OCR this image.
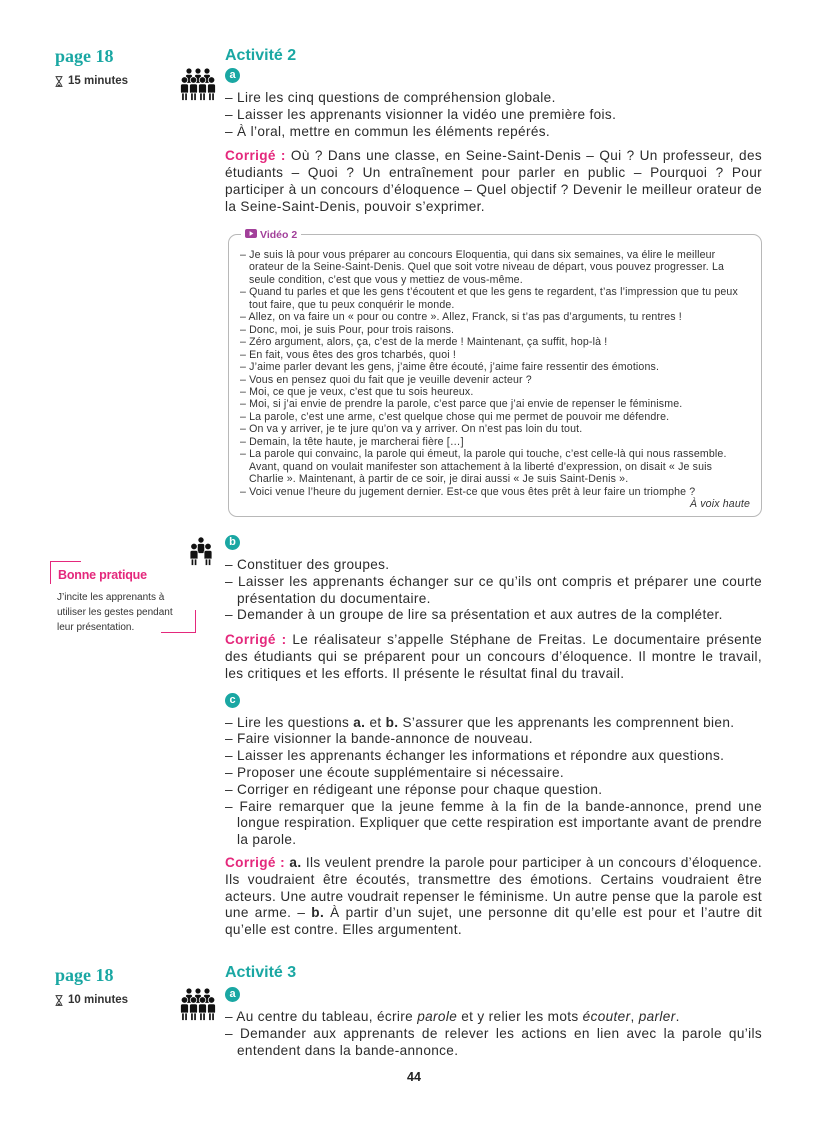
page 18
15 minutes
Activité 2
a
– Lire les cinq questions de compréhension globale.
– Laisser les apprenants visionner la vidéo une première fois.
– À l’oral, mettre en commun les éléments repérés.

Corrigé : Où ? Dans une classe, en Seine-Saint-Denis – Qui ? Un professeur, des étudiants – Quoi ? Un entraînement pour parler en public – Pourquoi ? Pour participer à un concours d’éloquence – Quel objectif ? Devenir le meilleur orateur de la Seine-Saint-Denis, pouvoir s’exprimer.

Vidéo 2
– Je suis là pour vous préparer au concours Eloquentia, qui dans six semaines, va élire le meilleur orateur de la Seine-Saint-Denis. Quel que soit votre niveau de départ, vous pouvez progresser. La seule condition, c’est que vous y mettiez de vous-même.
– Quand tu parles et que les gens t’écoutent et que les gens te regardent, t’as l’impression que tu peux tout faire, que tu peux conquérir le monde.
– Allez, on va faire un « pour ou contre ». Allez, Franck, si t’as pas d’arguments, tu rentres !
– Donc, moi, je suis Pour, pour trois raisons.
– Zéro argument, alors, ça, c’est de la merde ! Maintenant, ça suffit, hop-là !
– En fait, vous êtes des gros tcharbés, quoi !
– J’aime parler devant les gens, j’aime être écouté, j’aime faire ressentir des émotions.
– Vous en pensez quoi du fait que je veuille devenir acteur ?
– Moi, ce que je veux, c’est que tu sois heureux.
– Moi, si j’ai envie de prendre la parole, c’est parce que j’ai envie de repenser le féminisme.
– La parole, c’est une arme, c’est quelque chose qui me permet de pouvoir me défendre.
– On va y arriver, je te jure qu’on va y arriver. On n’est pas loin du tout.
– Demain, la tête haute, je marcherai fière […]
– La parole qui convainc, la parole qui émeut, la parole qui touche, c’est celle-là qui nous rassemble. Avant, quand on voulait manifester son attachement à la liberté d’expression, on disait « Je suis Charlie ». Maintenant, à partir de ce soir, je dirai aussi « Je suis Saint-Denis ».
– Voici venue l’heure du jugement dernier. Est-ce que vous êtes prêt à leur faire un triomphe ?
À voix haute
Bonne pratique
J’incite les apprenants à utiliser les gestes pendant leur présentation.
b
– Constituer des groupes.
– Laisser les apprenants échanger sur ce qu’ils ont compris et préparer une courte présentation du documentaire.
– Demander à un groupe de lire sa présentation et aux autres de la compléter.

Corrigé : Le réalisateur s’appelle Stéphane de Freitas. Le documentaire présente des étudiants qui se préparent pour un concours d’éloquence. Il montre le travail, les critiques et les efforts. Il présente le résultat final du travail.

c
– Lire les questions a. et b. S’assurer que les apprenants les comprennent bien.
– Faire visionner la bande-annonce de nouveau.
– Laisser les apprenants échanger les informations et répondre aux questions.
– Proposer une écoute supplémentaire si nécessaire.
– Corriger en rédigeant une réponse pour chaque question.
– Faire remarquer que la jeune femme à la fin de la bande-annonce, prend une longue respiration. Expliquer que cette respiration est importante avant de prendre la parole.

Corrigé : a. Ils veulent prendre la parole pour participer à un concours d’éloquence. Ils voudraient être écoutés, transmettre des émotions. Certains voudraient être acteurs. Une autre voudrait repenser le féminisme. Un autre pense que la parole est une arme. – b. À partir d’un sujet, une personne dit qu’elle est pour et l’autre dit qu’elle est contre. Elles argumentent.

page 18
10 minutes
Activité 3
a
– Au centre du tableau, écrire parole et y relier les mots écouter, parler.
– Demander aux apprenants de relever les actions en lien avec la parole qu’ils entendent dans la bande-annonce.
44
